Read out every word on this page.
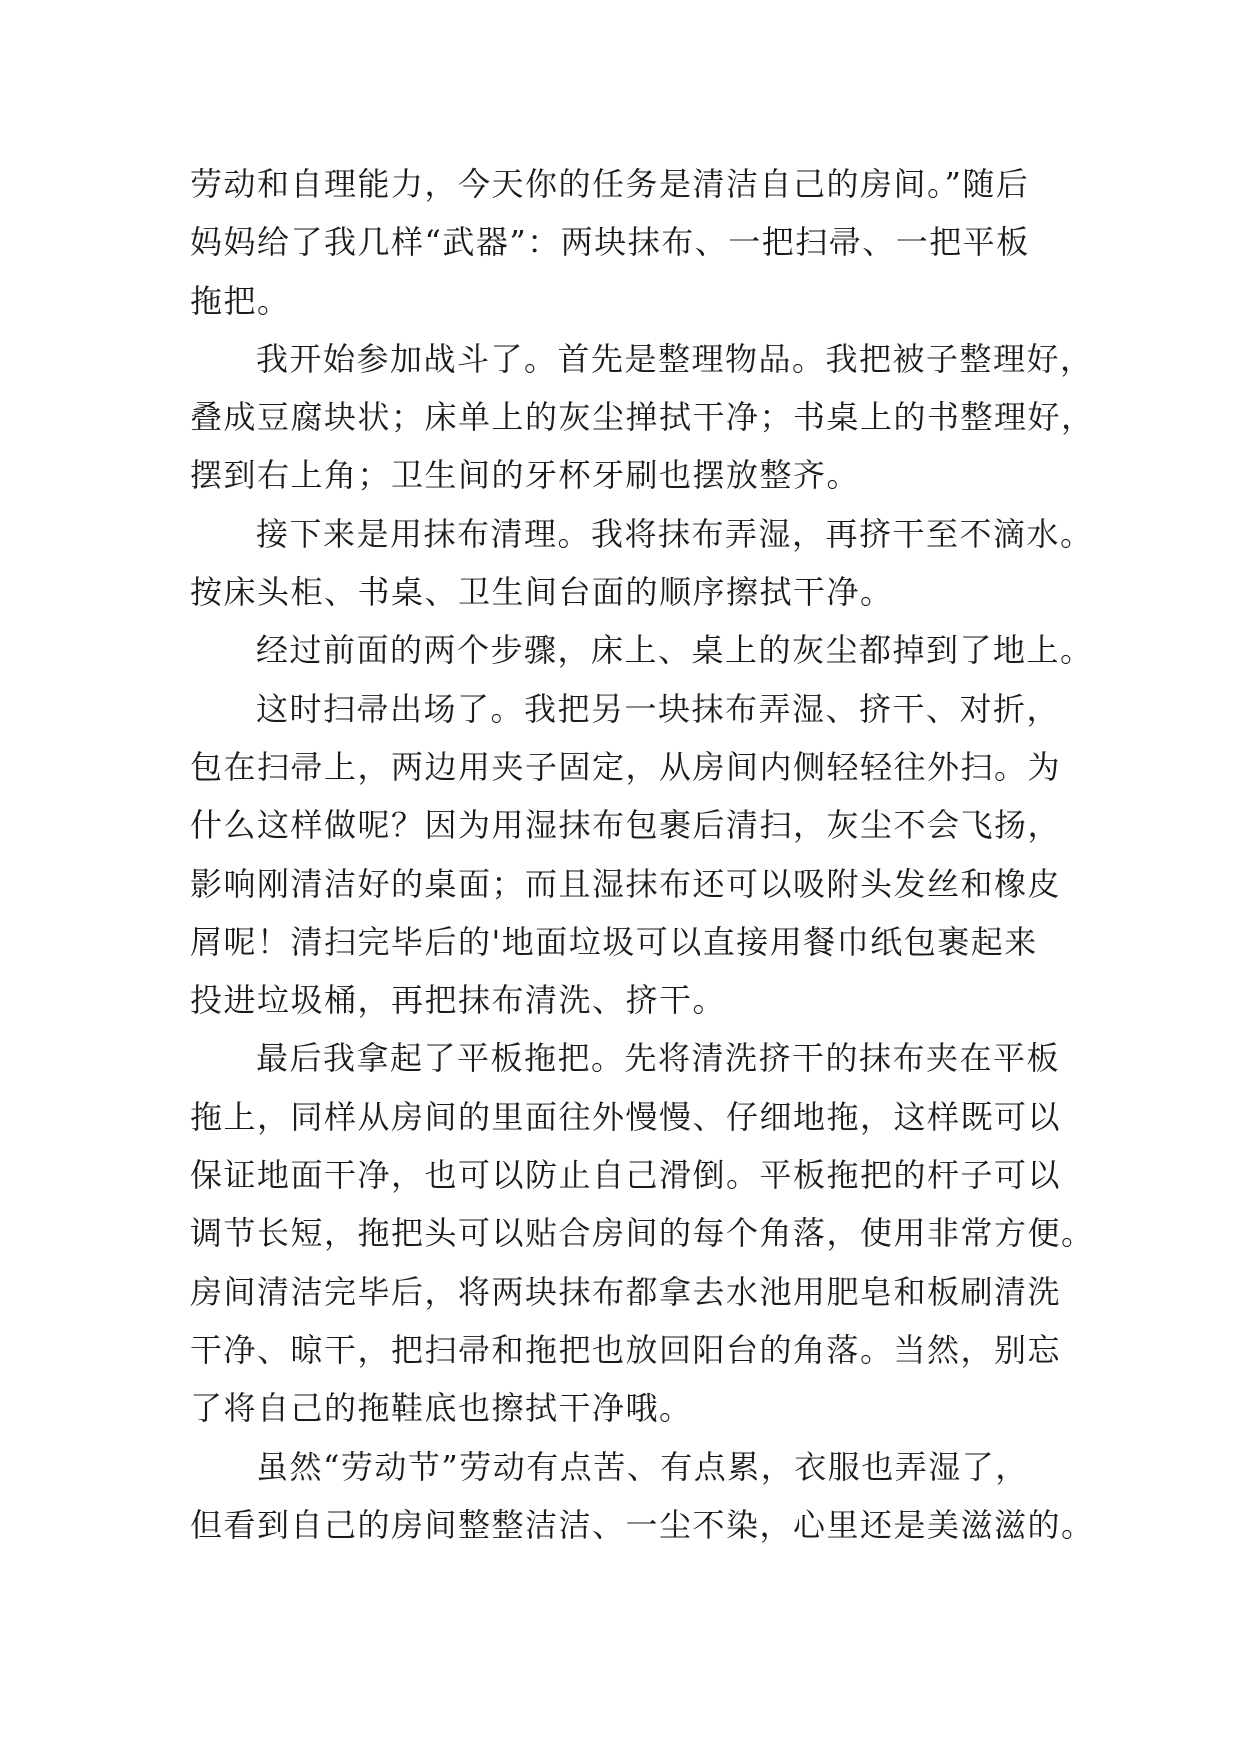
劳动和自理能力，今天你的任务是清洁自己的房间。”随后
妈妈给了我几样“武器”：两块抹布、一把扫帚、一把平板
拖把。

我开始参加战斗了。首先是整理物品。我把被子整理好，
叠成豆腐块状；床单上的灰尘掸拭干净；书桌上的书整理好，
摆到右上角；卫生间的牙杯牙刷也摆放整齐。

接下来是用抹布清理。我将抹布弄湿，再挤干至不滴水。
按床头柜、书桌、卫生间台面的顺序擦拭干净。

经过前面的两个步骤，床上、桌上的灰尘都掉到了地上。

这时扫帚出场了。我把另一块抹布弄湿、挤干、对折，
包在扫帚上，两边用夹子固定，从房间内侧轻轻往外扫。为
什么这样做呢？因为用湿抹布包裹后清扫，灰尘不会飞扬，
影响刚清洁好的桌面；而且湿抹布还可以吸附头发丝和橡皮
屑呢！清扫完毕后的'地面垃圾可以直接用餐巾纸包裹起来
投进垃圾桶，再把抹布清洗、挤干。

最后我拿起了平板拖把。先将清洗挤干的抹布夹在平板
拖上，同样从房间的里面往外慢慢、仔细地拖，这样既可以
保证地面干净，也可以防止自己滑倒。平板拖把的杆子可以
调节长短，拖把头可以贴合房间的每个角落，使用非常方便。
房间清洁完毕后，将两块抹布都拿去水池用肥皂和板刷清洗
干净、晾干，把扫帚和拖把也放回阳台的角落。当然，别忘
了将自己的拖鞋底也擦拭干净哦。

虽然“劳动节”劳动有点苦、有点累，衣服也弄湿了，
但看到自己的房间整整洁洁、一尘不染，心里还是美滋滋的。
